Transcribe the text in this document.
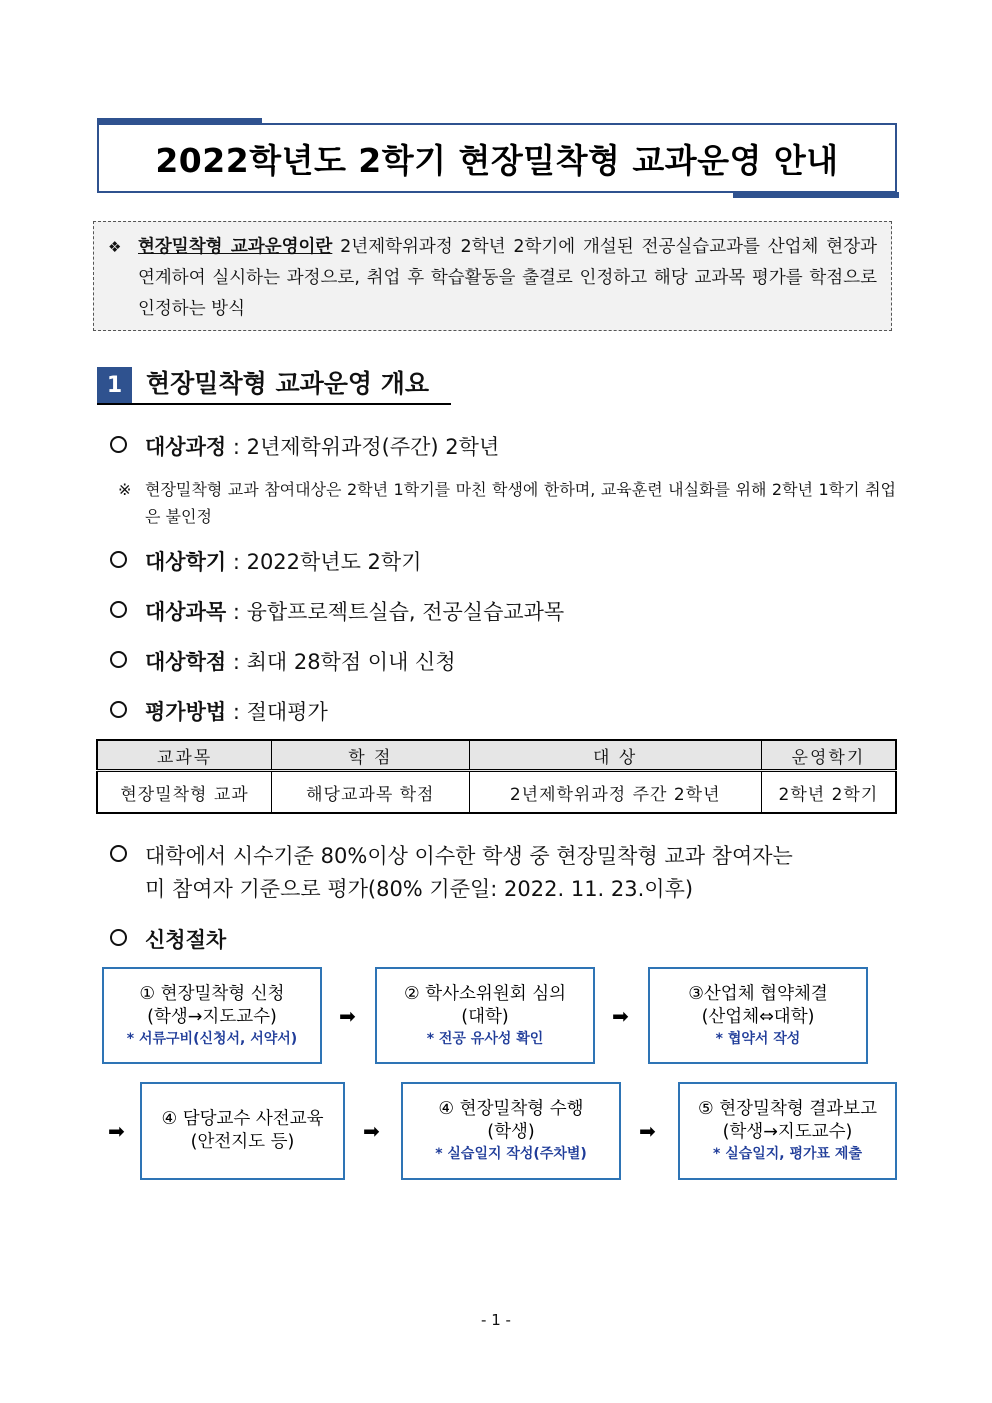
2022학년도 2학기 현장밀착형 교과운영 안내
❖ 현장밀착형 교과운영이란 2년제학위과정 2학년 2학기에 개설된 전공실습교과를 산업체 현장과 연계하여 실시하는 과정으로, 취업 후 학습활동을 출결로 인정하고 해당 교과목 평가를 학점으로 인정하는 방식
1 현장밀착형 교과운영 개요
대상과정 : 2년제학위과정(주간) 2학년
※ 현장밀착형 교과 참여대상은 2학년 1학기를 마친 학생에 한하며, 교육훈련 내실화를 위해 2학년 1학기 취업은 불인정
대상학기 : 2022학년도 2학기
대상과목 : 융합프로젝트실습, 전공실습교과목
대상학점 : 최대 28학점 이내 신청
평가방법 : 절대평가
교과목	학 점	대 상	운영학기
현장밀착형 교과	해당교과목 학점	2년제학위과정 주간 2학년	2학년 2학기
대학에서 시수기준 80%이상 이수한 학생 중 현장밀착형 교과 참여자는
미 참여자 기준으로 평가(80% 기준일: 2022. 11. 23.이후)
신청절차
① 현장밀착형 신청
(학생→지도교수)
* 서류구비(신청서, 서약서)
➡
② 학사소위원회 심의
(대학)
* 전공 유사성 확인
➡
③산업체 협약체결
(산업체⇔대학)
* 협약서 작성
➡ ④ 담당교수 사전교육
(안전지도 등)	➡
④ 현장밀착형 수행
(학생)
* 실습일지 작성(주차별)
➡
⑤ 현장밀착형 결과보고
(학생→지도교수)
* 실습일지, 평가표 제출
- 1 -
